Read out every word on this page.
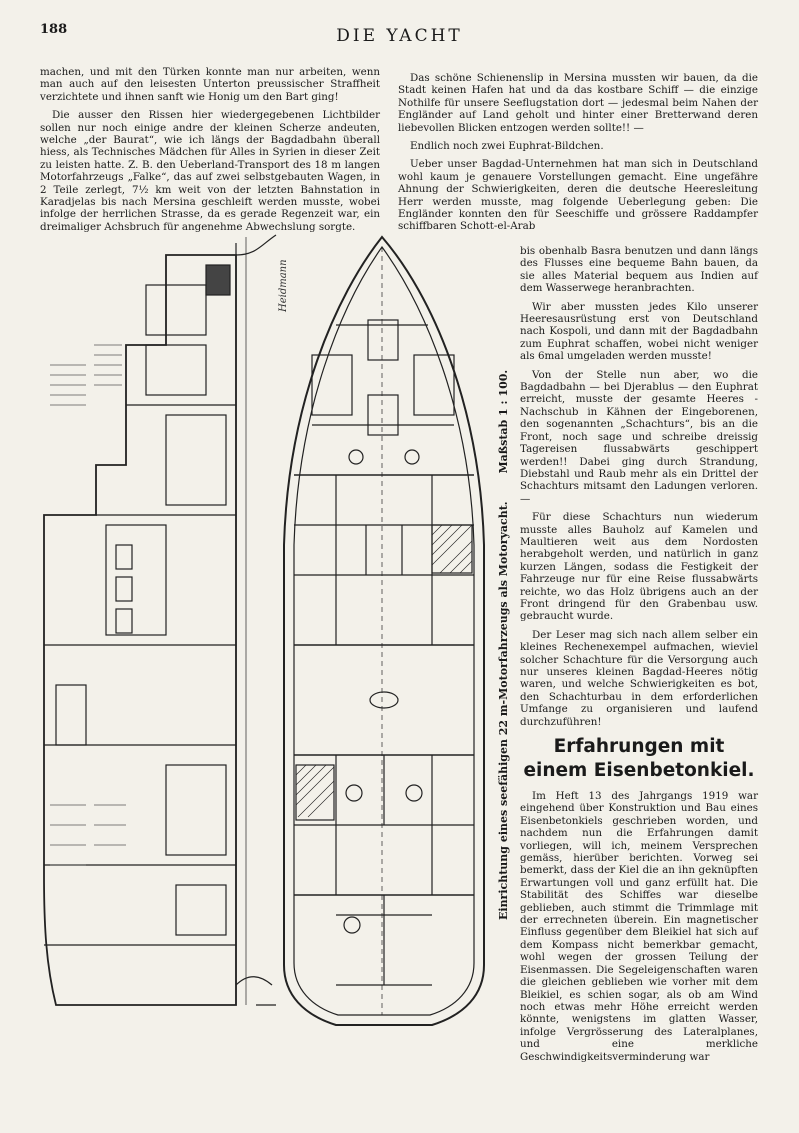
188	DIE YACHT

machen, und mit den Türken konnte man nur arbeiten, wenn man auch auf den leisesten Unterton preussischer Straffheit verzichtete und ihnen sanft wie Honig um den Bart ging!

Die ausser den Rissen hier wiedergegebenen Lichtbilder sollen nur noch einige andre der kleinen Scherze andeuten, welche „der Baurat“, wie ich längs der Bagdadbahn überall hiess, als Technisches Mädchen für Alles in Syrien in dieser Zeit zu leisten hatte. Z. B. den Ueberland-Transport des 18 m langen Motorfahrzeugs „Falke“, das auf zwei selbstgebauten Wagen, in 2 Teile zerlegt, 7½ km weit von der letzten Bahnstation in Karadjelas bis nach Mersina geschleift werden musste, wobei infolge der herrlichen Strasse, da es gerade Regenzeit war, ein dreimaliger Achsbruch für angenehme Abwechslung sorgte.

Das schöne Schienenslip in Mersina mussten wir bauen, da die Stadt keinen Hafen hat und da das kostbare Schiff — die einzige Nothilfe für unsere Seeflugstation dort — jedesmal beim Nahen der Engländer auf Land geholt und hinter einer Bretterwand deren liebevollen Blicken entzogen werden sollte!! —

Endlich noch zwei Euphrat-Bildchen.

Ueber unser Bagdad-Unternehmen hat man sich in Deutschland wohl kaum je genauere Vorstellungen gemacht. Eine ungefähre Ahnung der Schwierigkeiten, deren die deutsche Heeresleitung Herr werden musste, mag folgende Ueberlegung geben: Die Engländer konnten den für Seeschiffe und grössere Raddampfer schiffbaren Schott-el-Arab

bis obenhalb Basra benutzen und dann längs des Flusses eine bequeme Bahn bauen, da sie alles Material bequem aus Indien auf dem Wasserwege heranbrachten.

Wir aber mussten jedes Kilo unserer Heeresausrüstung erst von Deutschland nach Kospoli, und dann mit der Bagdadbahn zum Euphrat schaffen, wobei nicht weniger als 6mal umgeladen werden musste!

Von der Stelle nun aber, wo die Bagdadbahn — bei Djerablus — den Euphrat erreicht, musste der gesamte Heeres - Nachschub in Kähnen der Eingeborenen, den sogenannten „Schachturs“, bis an die Front, noch sage und schreibe dreissig Tagereisen flussabwärts geschippert werden!! Dabei ging durch Strandung, Diebstahl und Raub mehr als ein Drittel der Schachturs mitsamt den Ladungen verloren. —

Für diese Schachturs nun wiederum musste alles Bauholz auf Kamelen und Maultieren weit aus dem Nordosten herabgeholt werden, und natürlich in ganz kurzen Längen, sodass die Festigkeit der Fahrzeuge nur für eine Reise flussabwärts reichte, wo das Holz übrigens auch an der Front dringend für den Grabenbau usw. gebraucht wurde.

Der Leser mag sich nach allem selber ein kleines Rechenexempel aufmachen, wieviel solcher Schachture für die Versorgung auch nur unseres kleinen Bagdad-Heeres nötig waren, und welche Schwierigkeiten es bot, den Schachturbau in dem erforderlichen Umfange zu organisieren und laufend durchzuführen!

Erfahrungen mit
einem Eisenbetonkiel.

Im Heft 13 des Jahrgangs 1919 war eingehend über Konstruktion und Bau eines Eisenbetonkiels geschrieben worden, und nachdem nun die Erfahrungen damit vorliegen, will ich, meinem Versprechen gemäss, hierüber berichten. Vorweg sei bemerkt, dass der Kiel die an ihn geknüpften Erwartungen voll und ganz erfüllt hat. Die Stabilität des Schiffes war dieselbe geblieben, auch stimmt die Trimmlage mit der errechneten überein. Ein magnetischer Einfluss gegenüber dem Bleikiel hat sich auf dem Kompass nicht bemerkbar gemacht, wohl wegen der grossen Teilung der Eisenmassen. Die Segeleigenschaften waren die gleichen geblieben wie vorher mit dem Bleikiel, es schien sogar, als ob am Wind noch etwas mehr Höhe erreicht werden könnte, wenigstens im glatten Wasser, infolge Vergrösserung des Lateralplanes, und eine merkliche Geschwindigkeitsverminderung war

Einrichtung eines seefähigen 22 m-Motorfahrzeugs als Motoryacht. Maßstab 1 : 100.
Heidmann
